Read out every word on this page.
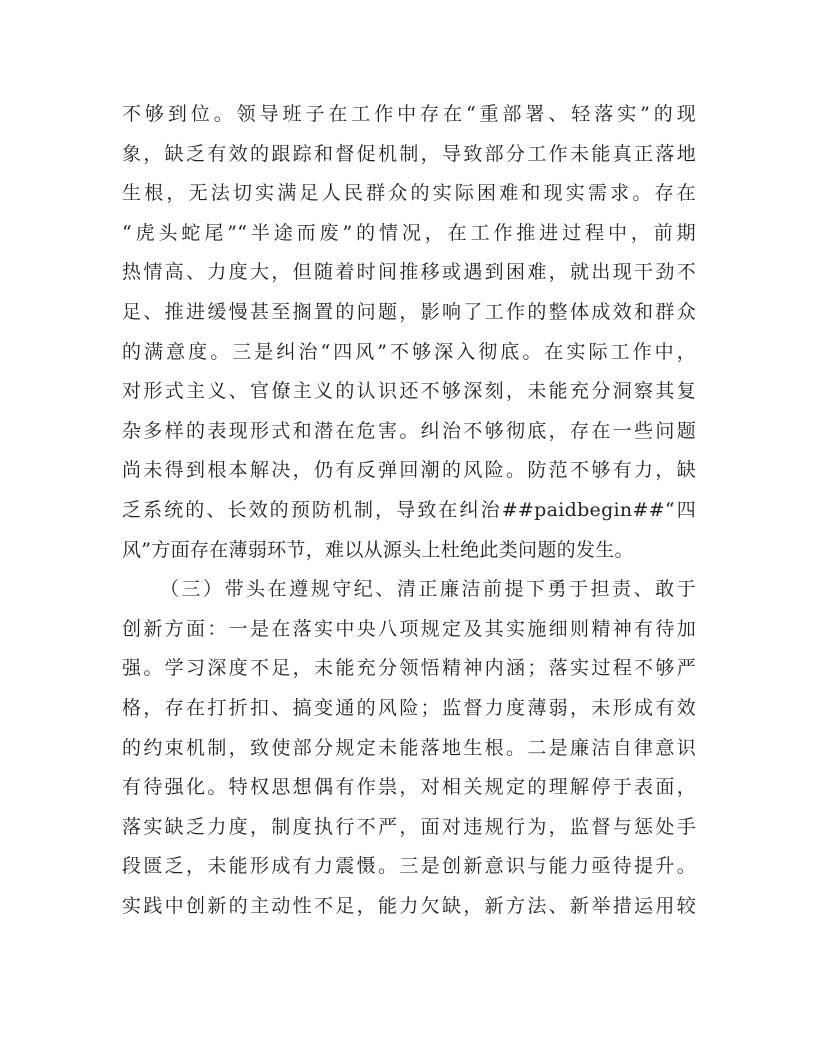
不够到位。领导班子在工作中存在“重部署、轻落实”的现
象，缺乏有效的跟踪和督促机制，导致部分工作未能真正落地
生根，无法切实满足人民群众的实际困难和现实需求。存在
“虎头蛇尾”“半途而废”的情况，在工作推进过程中，前期
热情高、力度大，但随着时间推移或遇到困难，就出现干劲不
足、推进缓慢甚至搁置的问题，影响了工作的整体成效和群众
的满意度。三是纠治“四风”不够深入彻底。在实际工作中，
对形式主义、官僚主义的认识还不够深刻，未能充分洞察其复
杂多样的表现形式和潜在危害。纠治不够彻底，存在一些问题
尚未得到根本解决，仍有反弹回潮的风险。防范不够有力，缺
乏系统的、长效的预防机制，导致在纠治##paidbegin##“四
风”方面存在薄弱环节，难以从源头上杜绝此类问题的发生。
（三）带头在遵规守纪、清正廉洁前提下勇于担责、敢于
创新方面：一是在落实中央八项规定及其实施细则精神有待加
强。学习深度不足，未能充分领悟精神内涵；落实过程不够严
格，存在打折扣、搞变通的风险；监督力度薄弱，未形成有效
的约束机制，致使部分规定未能落地生根。二是廉洁自律意识
有待强化。特权思想偶有作祟，对相关规定的理解停于表面，
落实缺乏力度，制度执行不严，面对违规行为，监督与惩处手
段匮乏，未能形成有力震慑。三是创新意识与能力亟待提升。
实践中创新的主动性不足，能力欠缺，新方法、新举措运用较
